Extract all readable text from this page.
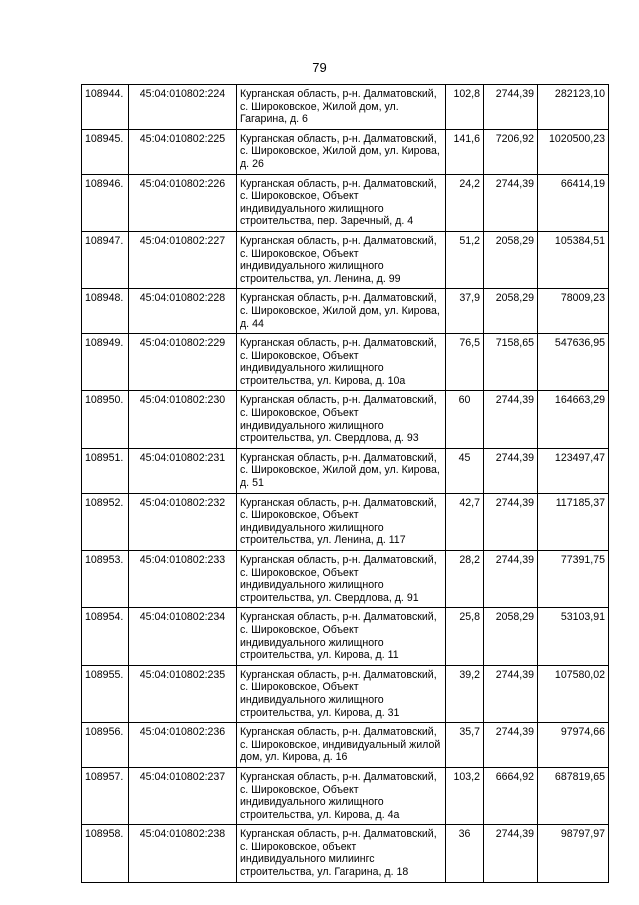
79
108944.	45:04:010802:224	Курганская область, р-н. Далматовский, с. Широковское, Жилой дом, ул. Гагарина, д. 6	102,8	2744,39	282123,10
108945.	45:04:010802:225	Курганская область, р-н. Далматовский, с. Широковское, Жилой дом, ул. Кирова, д. 26	141,6	7206,92	1020500,23
108946.	45:04:010802:226	Курганская область, р-н. Далматовский, с. Широковское, Объект индивидуального жилищного строительства, пер. Заречный, д. 4	24,2	2744,39	66414,19
108947.	45:04:010802:227	Курганская область, р-н. Далматовский, с. Широковское, Объект индивидуального жилищного строительства, ул. Ленина, д. 99	51,2	2058,29	105384,51
108948.	45:04:010802:228	Курганская область, р-н. Далматовский, с. Широковское, Жилой дом, ул. Кирова, д. 44	37,9	2058,29	78009,23
108949.	45:04:010802:229	Курганская область, р-н. Далматовский, с. Широковское, Объект индивидуального жилищного строительства, ул. Кирова, д. 10а	76,5	7158,65	547636,95
108950.	45:04:010802:230	Курганская область, р-н. Далматовский, с. Широковское, Объект индивидуального жилищного строительства, ул. Свердлова, д. 93	60	2744,39	164663,29
108951.	45:04:010802:231	Курганская область, р-н. Далматовский, с. Широковское, Жилой дом, ул. Кирова, д. 51	45	2744,39	123497,47
108952.	45:04:010802:232	Курганская область, р-н. Далматовский, с. Широковское, Объект индивидуального жилищного строительства, ул. Ленина, д. 117	42,7	2744,39	117185,37
108953.	45:04:010802:233	Курганская область, р-н. Далматовский, с. Широковское, Объект индивидуального жилищного строительства, ул. Свердлова, д. 91	28,2	2744,39	77391,75
108954.	45:04:010802:234	Курганская область, р-н. Далматовский, с. Широковское, Объект индивидуального жилищного строительства, ул. Кирова, д. 11	25,8	2058,29	53103,91
108955.	45:04:010802:235	Курганская область, р-н. Далматовский, с. Широковское, Объект индивидуального жилищного строительства, ул. Кирова, д. 31	39,2	2744,39	107580,02
108956.	45:04:010802:236	Курганская область, р-н. Далматовский, с. Широковское, индивидуальный жилой дом, ул. Кирова, д. 16	35,7	2744,39	97974,66
108957.	45:04:010802:237	Курганская область, р-н. Далматовский, с. Широковское, Объект индивидуального жилищного строительства, ул. Кирова, д. 4а	103,2	6664,92	687819,65
108958.	45:04:010802:238	Курганская область, р-н. Далматовский, с. Широковское, объект индивидуального милиингс строительства, ул. Гагарина, д. 18	36	2744,39	98797,97
